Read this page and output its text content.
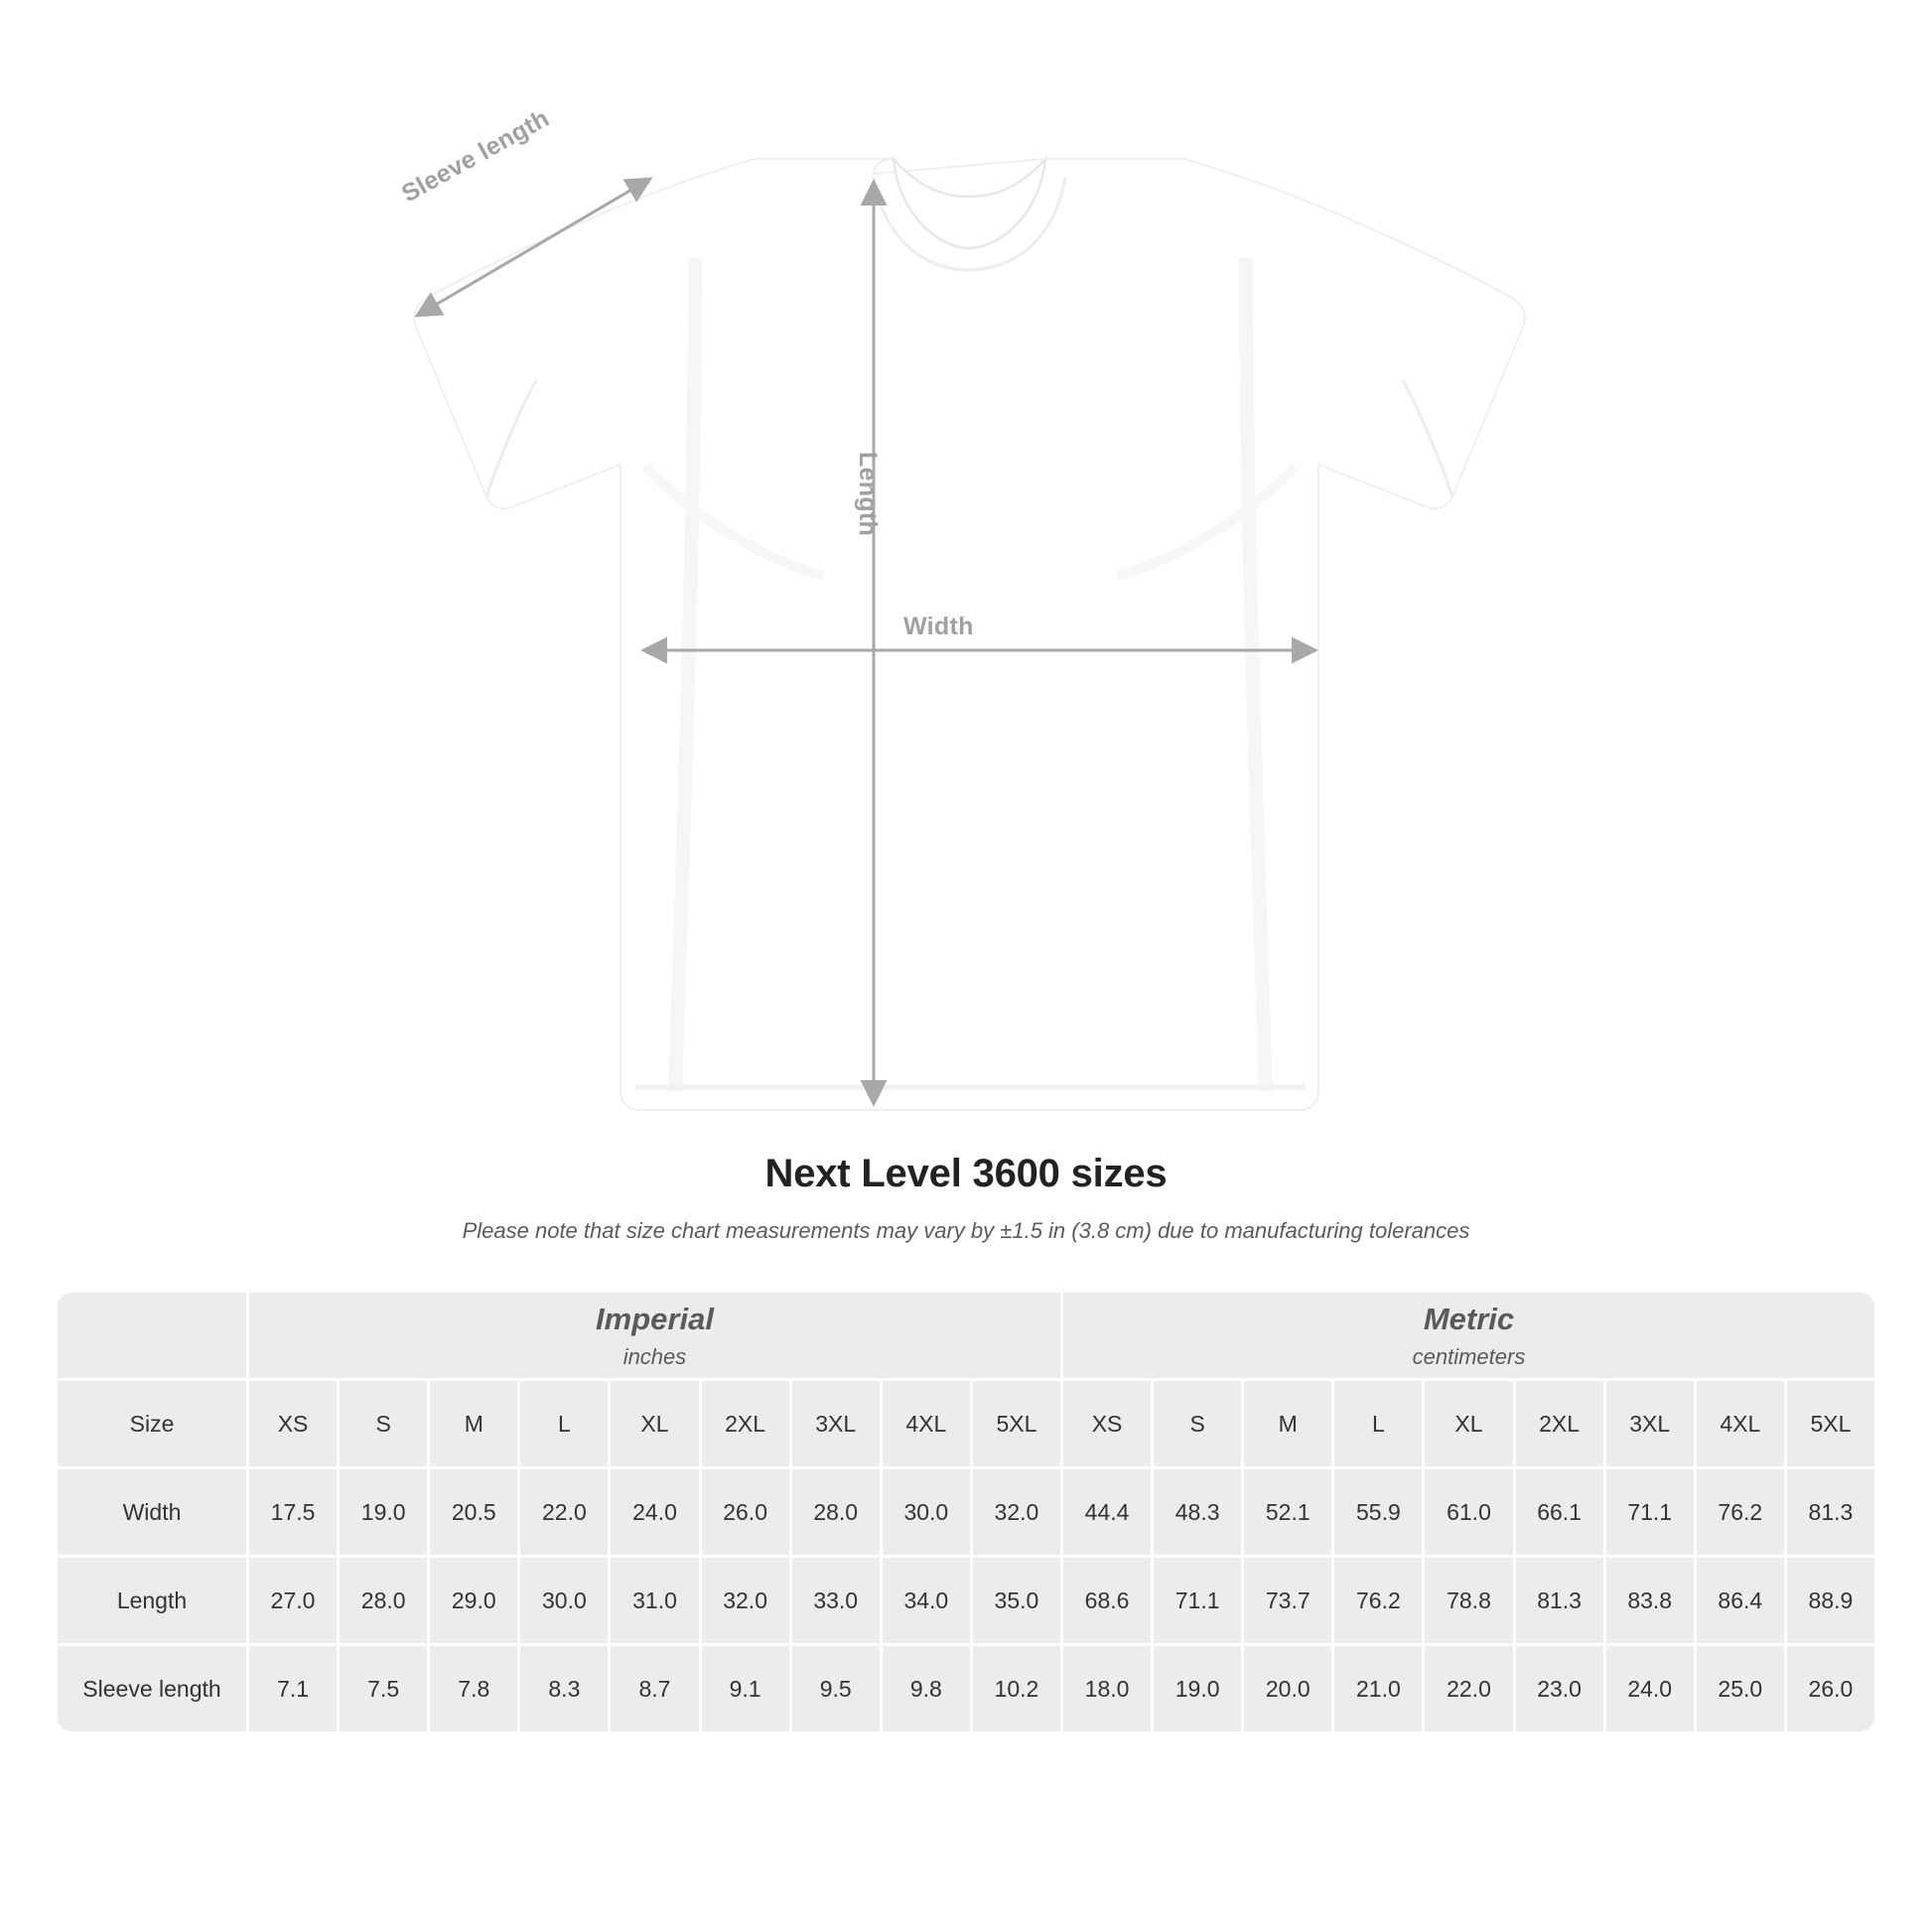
Sleeve length
Length
Width
Next Level 3600 sizes
Please note that size chart measurements may vary by ±1.5 in (3.8 cm) due to manufacturing tolerances

	Imperial
inches									Metric
centimeters								

Size	XS	S	M	L	XL	2XL	3XL	4XL	5XL	XS	S	M	L	XL	2XL	3XL	4XL	5XL
Width	17.5	19.0	20.5	22.0	24.0	26.0	28.0	30.0	32.0	44.4	48.3	52.1	55.9	61.0	66.1	71.1	76.2	81.3
Length	27.0	28.0	29.0	30.0	31.0	32.0	33.0	34.0	35.0	68.6	71.1	73.7	76.2	78.8	81.3	83.8	86.4	88.9
Sleeve length	7.1	7.5	7.8	8.3	8.7	9.1	9.5	9.8	10.2	18.0	19.0	20.0	21.0	22.0	23.0	24.0	25.0	26.0
